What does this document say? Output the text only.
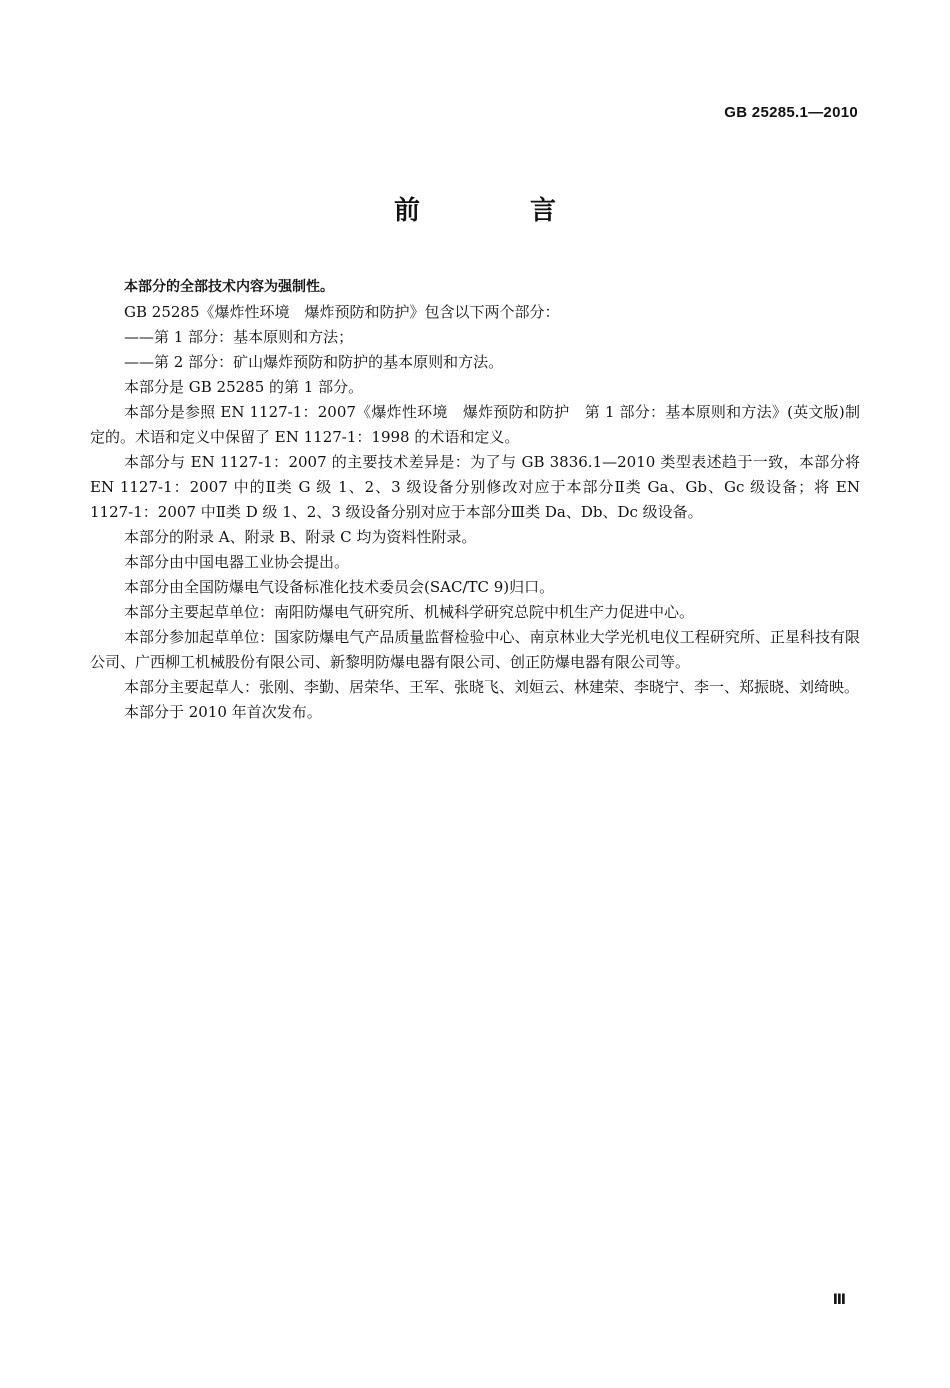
GB 25285.1—2010
前　言

本部分的全部技术内容为强制性。

GB 25285《爆炸性环境　爆炸预防和防护》包含以下两个部分：

——第 1 部分：基本原则和方法；

——第 2 部分：矿山爆炸预防和防护的基本原则和方法。

本部分是 GB 25285 的第 1 部分。

本部分是参照 EN 1127-1：2007《爆炸性环境　爆炸预防和防护　第 1 部分：基本原则和方法》(英文版)制定的。术语和定义中保留了 EN 1127-1：1998 的术语和定义。

本部分与 EN 1127-1：2007 的主要技术差异是：为了与 GB 3836.1—2010 类型表述趋于一致，本部分将 EN 1127-1：2007 中的Ⅱ类 G 级 1、2、3 级设备分别修改对应于本部分Ⅱ类 Ga、Gb、Gc 级设备；将 EN 1127-1：2007 中Ⅱ类 D 级 1、2、3 级设备分别对应于本部分Ⅲ类 Da、Db、Dc 级设备。

本部分的附录 A、附录 B、附录 C 均为资料性附录。

本部分由中国电器工业协会提出。

本部分由全国防爆电气设备标准化技术委员会(SAC/TC 9)归口。

本部分主要起草单位：南阳防爆电气研究所、机械科学研究总院中机生产力促进中心。

本部分参加起草单位：国家防爆电气产品质量监督检验中心、南京林业大学光机电仪工程研究所、正星科技有限公司、广西柳工机械股份有限公司、新黎明防爆电器有限公司、创正防爆电器有限公司等。

本部分主要起草人：张刚、李勤、居荣华、王军、张晓飞、刘姮云、林建荣、李晓宁、李一、郑振晓、刘绮映。

本部分于 2010 年首次发布。

Ⅲ
